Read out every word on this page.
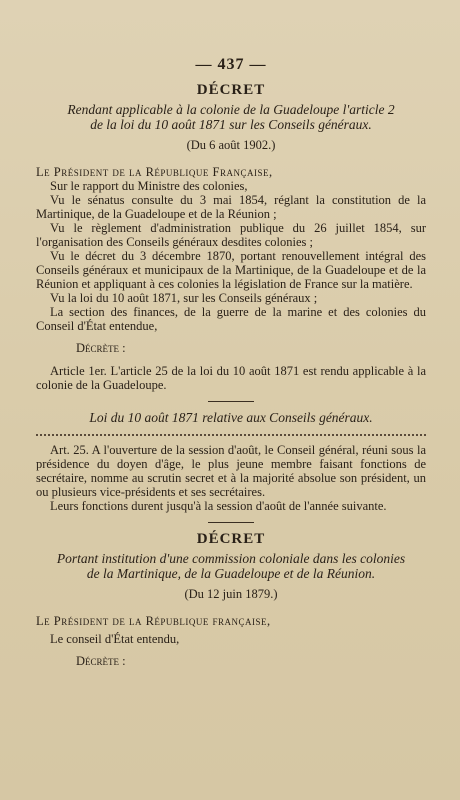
— 437 —
DÉCRET
Rendant applicable à la colonie de la Guadeloupe l'article 2
de la loi du 10 août 1871 sur les Conseils généraux.
(Du 6 août 1902.)

Le Président de la République Française,

Sur le rapport du Ministre des colonies,

Vu le sénatus consulte du 3 mai 1854, réglant la constitution de la Martinique, de la Guadeloupe et de la Réunion ;

Vu le règlement d'administration publique du 26 juillet 1854, sur l'organisation des Conseils généraux desdites colonies ;

Vu le décret du 3 décembre 1870, portant renouvellement intégral des Conseils généraux et municipaux de la Martinique, de la Guadeloupe et de la Réunion et appliquant à ces colonies la législation de France sur la matière.

Vu la loi du 10 août 1871, sur les Conseils généraux ;

La section des finances, de la guerre de la marine et des colonies du Conseil d'État entendue,

Décrète :

Article 1er. L'article 25 de la loi du 10 août 1871 est rendu applicable à la colonie de la Guadeloupe.

Loi du 10 août 1871 relative aux Conseils généraux.

Art. 25. A l'ouverture de la session d'août, le Conseil général, réuni sous la présidence du doyen d'âge, le plus jeune membre faisant fonctions de secrétaire, nomme au scrutin secret et à la majorité absolue son président, un ou plusieurs vice-présidents et ses secrétaires.

Leurs fonctions durent jusqu'à la session d'août de l'année suivante.

DÉCRET
Portant institution d'une commission coloniale dans les colonies
de la Martinique, de la Guadeloupe et de la Réunion.
(Du 12 juin 1879.)

Le Président de la République française,

Le conseil d'État entendu,

Décrète :
